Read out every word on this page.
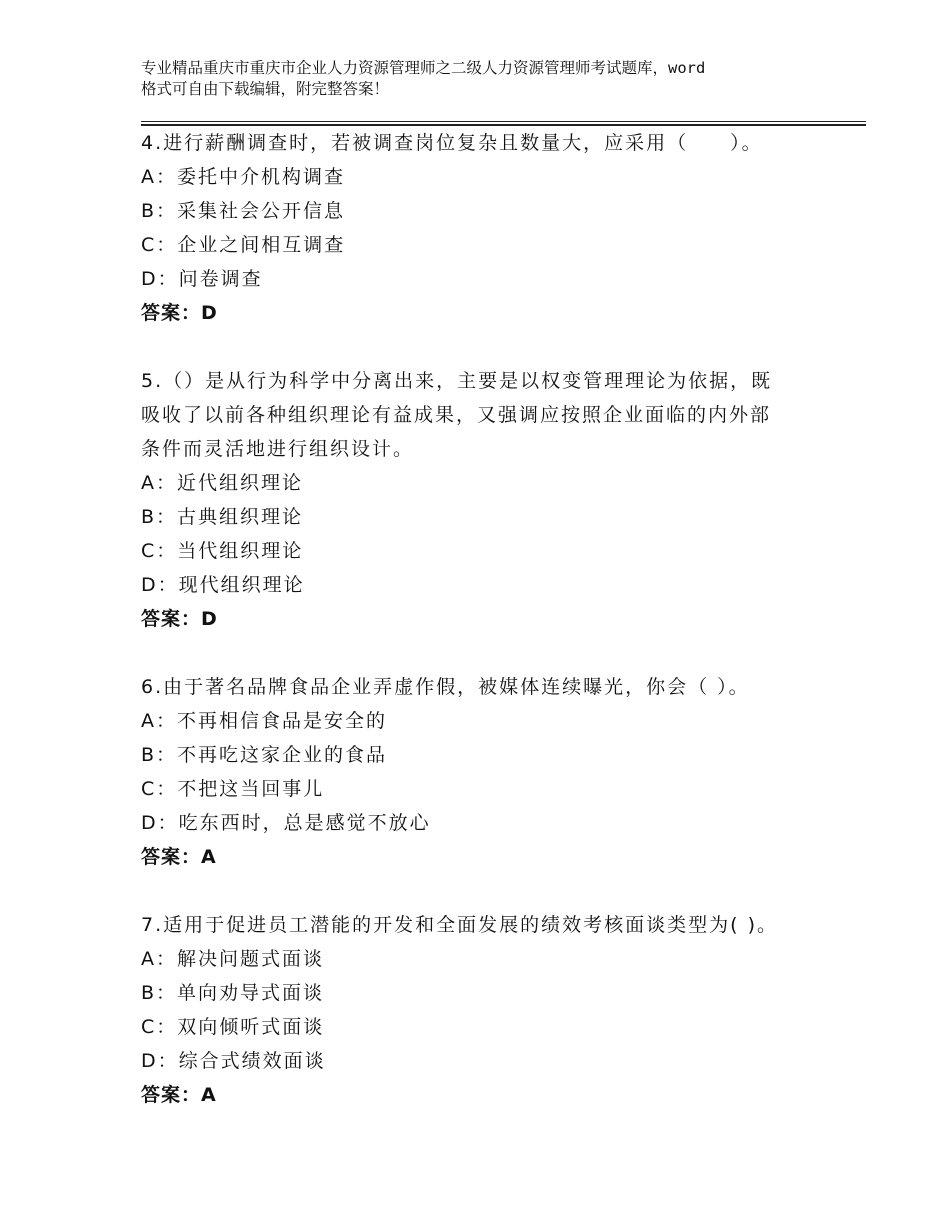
专业精品重庆市重庆市企业人力资源管理师之二级人力资源管理师考试题库，word
格式可自由下载编辑，附完整答案！
4.进行薪酬调查时，若被调查岗位复杂且数量大，应采用（　　）。
A：委托中介机构调查
B：采集社会公开信息
C：企业之间相互调查
D：问卷调查
答案：D
5.（）是从行为科学中分离出来，主要是以权变管理理论为依据，既
吸收了以前各种组织理论有益成果，又强调应按照企业面临的内外部
条件而灵活地进行组织设计。
A：近代组织理论
B：古典组织理论
C：当代组织理论
D：现代组织理论
答案：D
6.由于著名品牌食品企业弄虚作假，被媒体连续曝光，你会（ ）。
A：不再相信食品是安全的
B：不再吃这家企业的食品
C：不把这当回事儿
D：吃东西时，总是感觉不放心
答案：A
7.适用于促进员工潜能的开发和全面发展的绩效考核面谈类型为( )。
A：解决问题式面谈
B：单向劝导式面谈
C：双向倾听式面谈
D：综合式绩效面谈
答案：A
